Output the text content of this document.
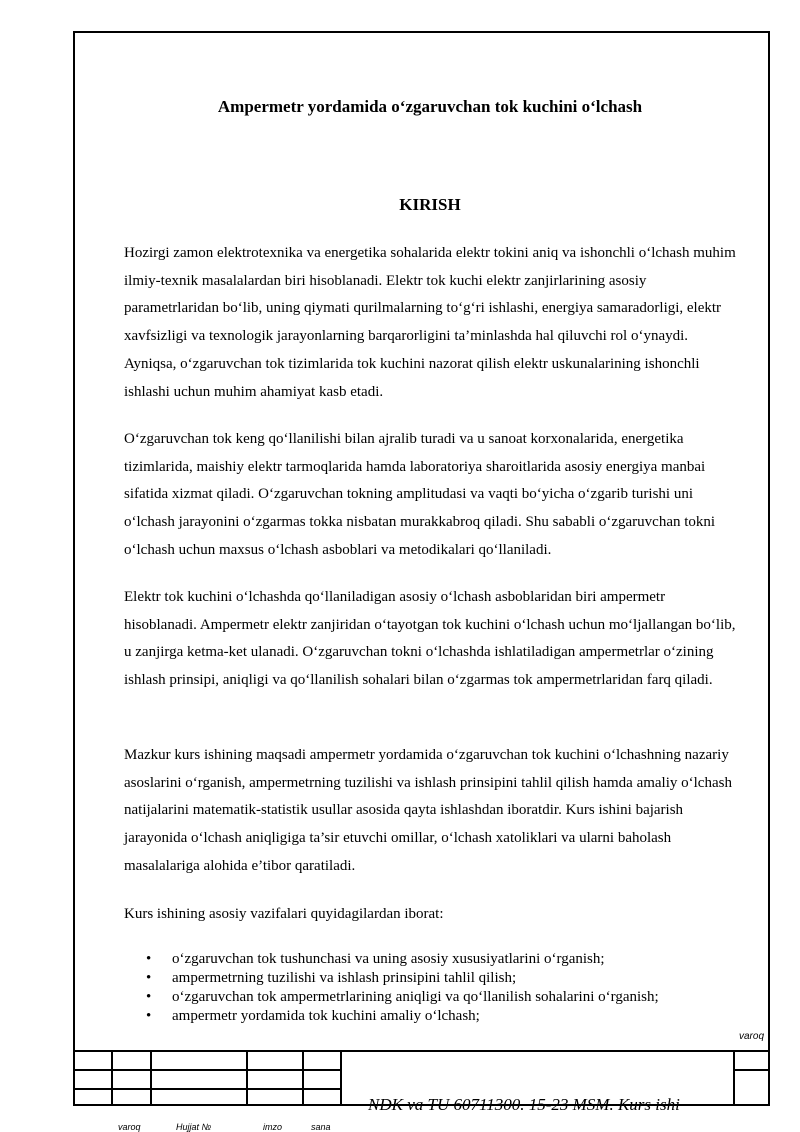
Ampermetr yordamida o‘zgaruvchan tok kuchini o‘lchash
KIRISH

Hozirgi zamon elektrotexnika va energetika sohalarida elektr tokini aniq va ishonchli o‘lchash muhim ilmiy-texnik masalalardan biri hisoblanadi. Elektr tok kuchi elektr zanjirlarining asosiy parametrlaridan bo‘lib, uning qiymati qurilmalarning to‘g‘ri ishlashi, energiya samaradorligi, elektr xavfsizligi va texnologik jarayonlarning barqarorligini ta’minlashda hal qiluvchi rol o‘ynaydi. Ayniqsa, o‘zgaruvchan tok tizimlarida tok kuchini nazorat qilish elektr uskunalarining ishonchli ishlashi uchun muhim ahamiyat kasb etadi.

O‘zgaruvchan tok keng qo‘llanilishi bilan ajralib turadi va u sanoat korxonalarida, energetika tizimlarida, maishiy elektr tarmoqlarida hamda laboratoriya sharoitlarida asosiy energiya manbai sifatida xizmat qiladi. O‘zgaruvchan tokning amplitudasi va vaqti bo‘yicha o‘zgarib turishi uni o‘lchash jarayonini o‘zgarmas tokka nisbatan murakkabroq qiladi. Shu sababli o‘zgaruvchan tokni o‘lchash uchun maxsus o‘lchash asboblari va metodikalari qo‘llaniladi.

Elektr tok kuchini o‘lchashda qo‘llaniladigan asosiy o‘lchash asboblaridan biri ampermetr hisoblanadi. Ampermetr elektr zanjiridan o‘tayotgan tok kuchini o‘lchash uchun mo‘ljallangan bo‘lib, u zanjirga ketma-ket ulanadi. O‘zgaruvchan tokni o‘lchashda ishlatiladigan ampermetrlar o‘zining ishlash prinsipi, aniqligi va qo‘llanilish sohalari bilan o‘zgarmas tok ampermetrlaridan farq qiladi.

Mazkur kurs ishining maqsadi ampermetr yordamida o‘zgaruvchan tok kuchini o‘lchashning nazariy asoslarini o‘rganish, ampermetrning tuzilishi va ishlash prinsipini tahlil qilish hamda amaliy o‘lchash natijalarini matematik-statistik usullar asosida qayta ishlashdan iboratdir. Kurs ishini bajarish jarayonida o‘lchash aniqligiga ta’sir etuvchi omillar, o‘lchash xatoliklari va ularni baholash masalalariga alohida e’tibor qaratiladi.

Kurs ishining asosiy vazifalari quyidagilardan iborat:

• o‘zgaruvchan tok tushunchasi va uning asosiy xususiyatlarini o‘rganish;
• ampermetrning tuzilishi va ishlash prinsipini tahlil qilish;
• o‘zgaruvchan tok ampermetrlarining aniqligi va qo‘llanilish sohalarini o‘rganish;
• ampermetr yordamida tok kuchini amaliy o‘lchash;
varoq
NDK va TU 60711300. 15-23 MSM. Kurs ishi
varoq	Hujjat №	imzo	sana
